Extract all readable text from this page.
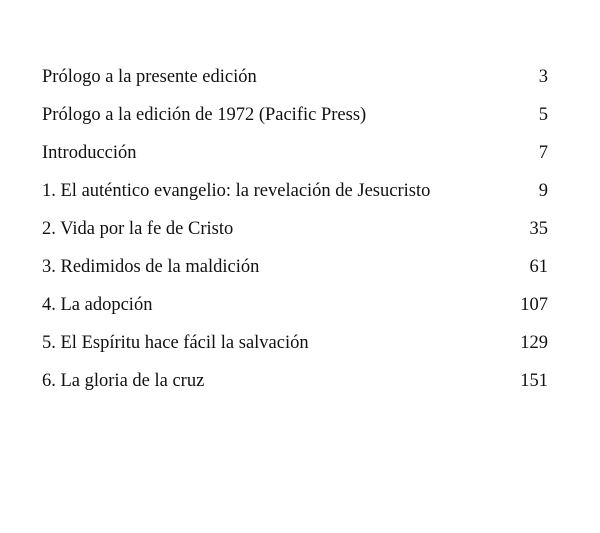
Prólogo a la presente edición	3
Prólogo a la edición de 1972 (Pacific Press)	5
Introducción	7
1. El auténtico evangelio: la revelación de Jesucristo	9
2. Vida por la fe de Cristo	35
3. Redimidos de la maldición	61
4. La adopción	107
5. El Espíritu hace fácil la salvación	129
6. La gloria de la cruz	151
